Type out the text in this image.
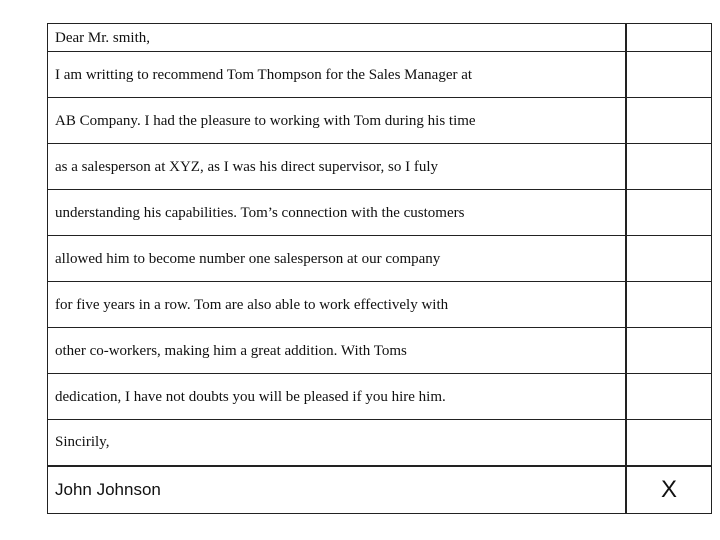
Dear Mr. smith,	
I am writting to recommend Tom Thompson for the Sales Manager at	
AB Company. I had the pleasure to working with Tom during his time	
as a salesperson at XYZ, as I was his direct supervisor, so I fuly	
understanding his capabilities. Tom’s connection with the customers	
allowed him to become number one salesperson at our company	
for five years in a row. Tom are also able to work effectively with	
other co-workers, making him a great addition. With Toms	
dedication, I have not doubts you will be pleased if you hire him.	
Sincirily,	
John Johnson	X
